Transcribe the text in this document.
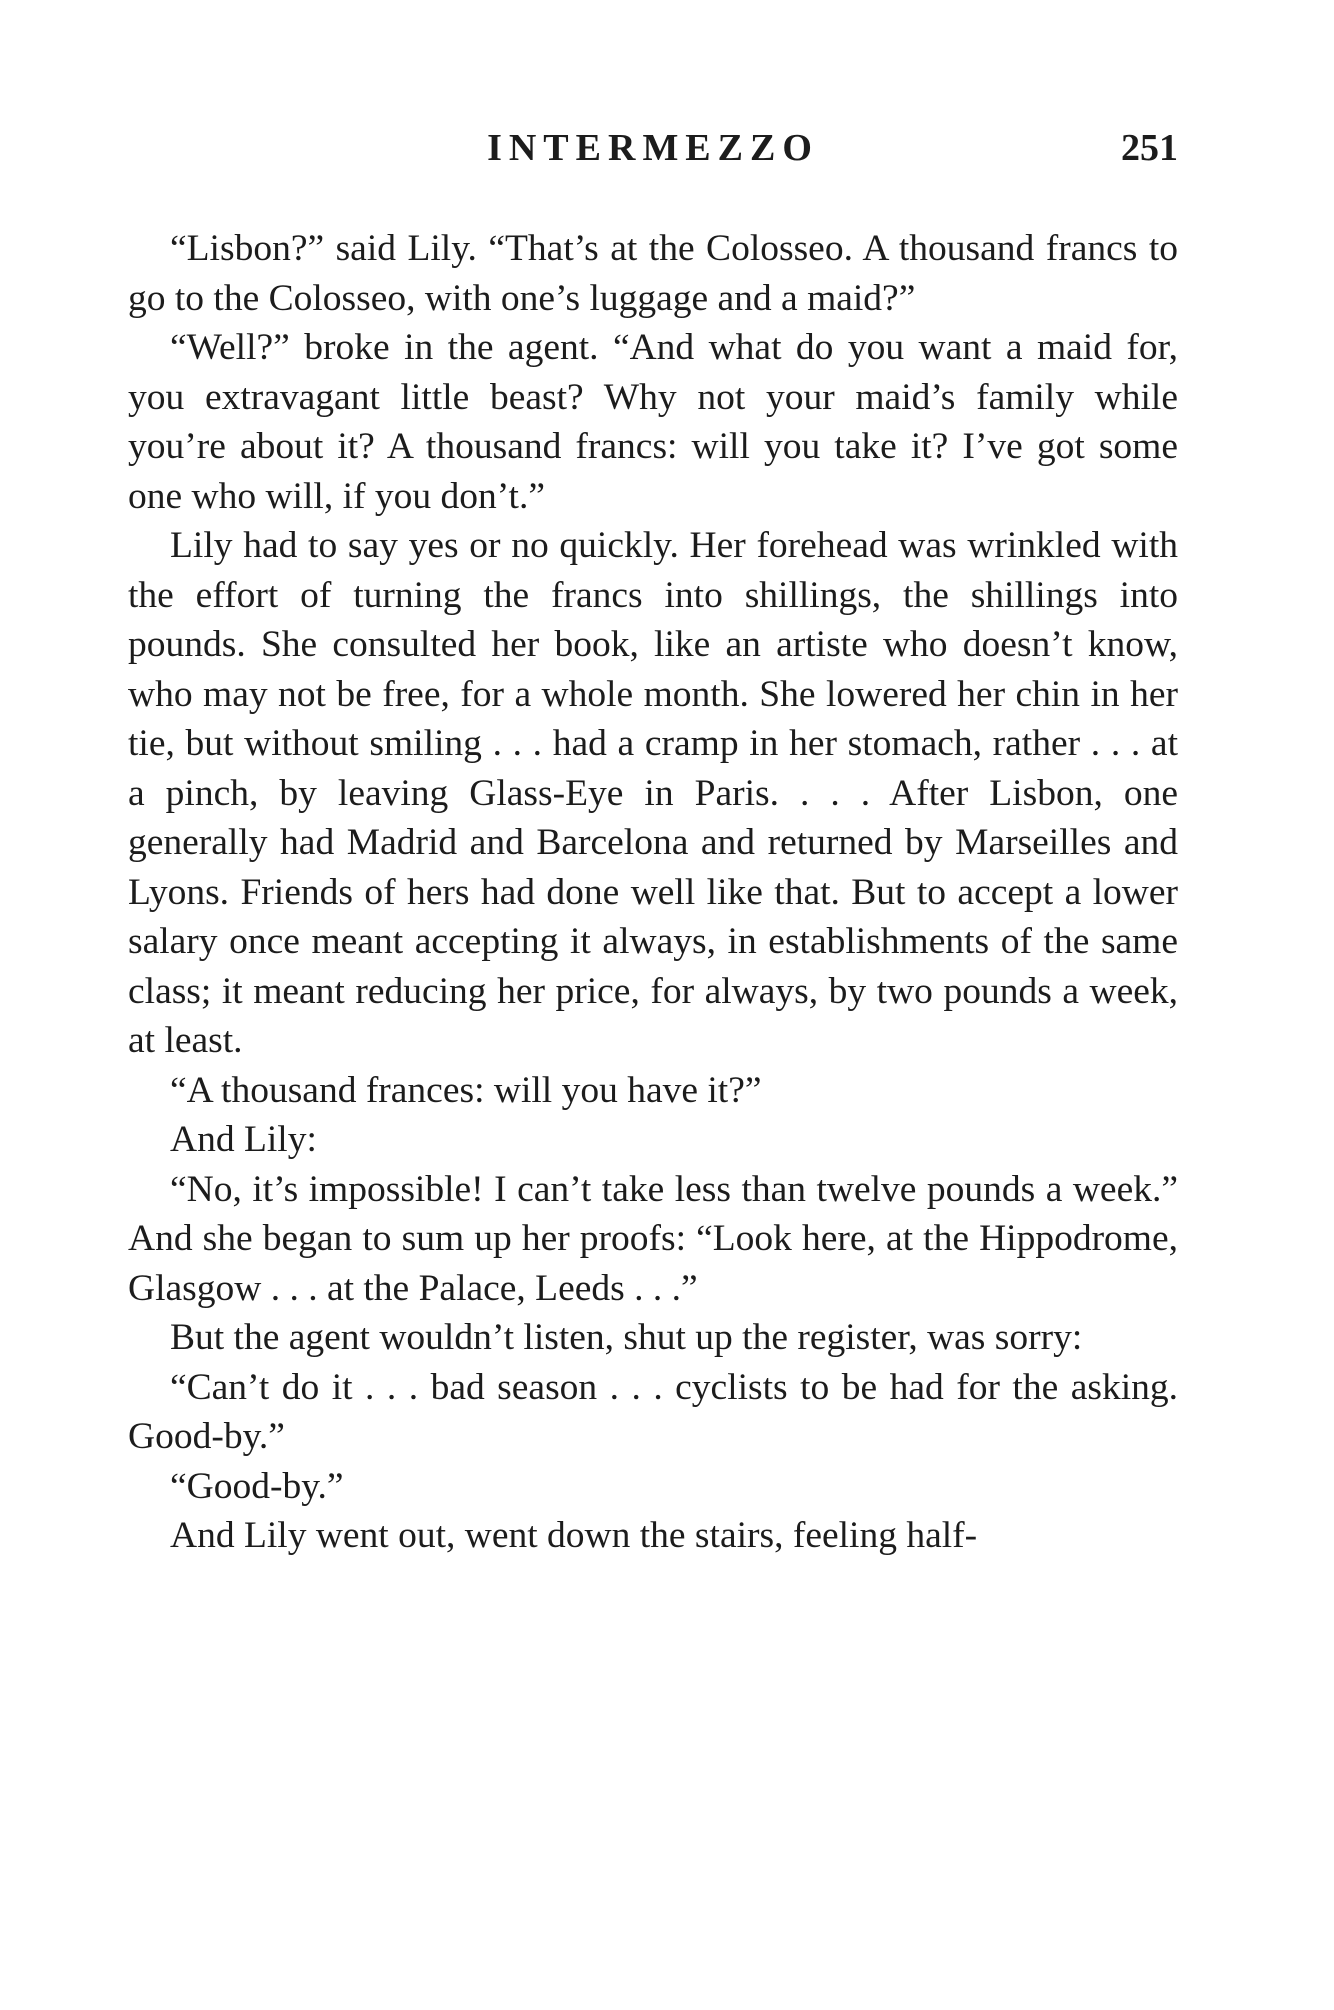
INTERMEZZO	251

“Lisbon?” said Lily. “That’s at the Colosseo. A thousand francs to go to the Colosseo, with one’s luggage and a maid?”

“Well?” broke in the agent. “And what do you want a maid for, you extravagant little beast? Why not your maid’s family while you’re about it? A thousand francs: will you take it? I’ve got some one who will, if you don’t.”

Lily had to say yes or no quickly. Her forehead was wrinkled with the effort of turning the francs into shillings, the shillings into pounds. She consulted her book, like an artiste who doesn’t know, who may not be free, for a whole month. She lowered her chin in her tie, but without smiling . . . had a cramp in her stomach, rather . . . at a pinch, by leaving Glass-Eye in Paris. . . . After Lisbon, one generally had Madrid and Barcelona and returned by Marseilles and Lyons. Friends of hers had done well like that. But to accept a lower salary once meant accepting it always, in establishments of the same class; it meant reducing her price, for always, by two pounds a week, at least.

“A thousand frances: will you have it?”

And Lily:

“No, it’s impossible! I can’t take less than twelve pounds a week.” And she began to sum up her proofs: “Look here, at the Hippodrome, Glasgow . . . at the Palace, Leeds . . .”

But the agent wouldn’t listen, shut up the register, was sorry:

“Can’t do it . . . bad season . . . cyclists to be had for the asking. Good-by.”

“Good-by.”

And Lily went out, went down the stairs, feeling half-
